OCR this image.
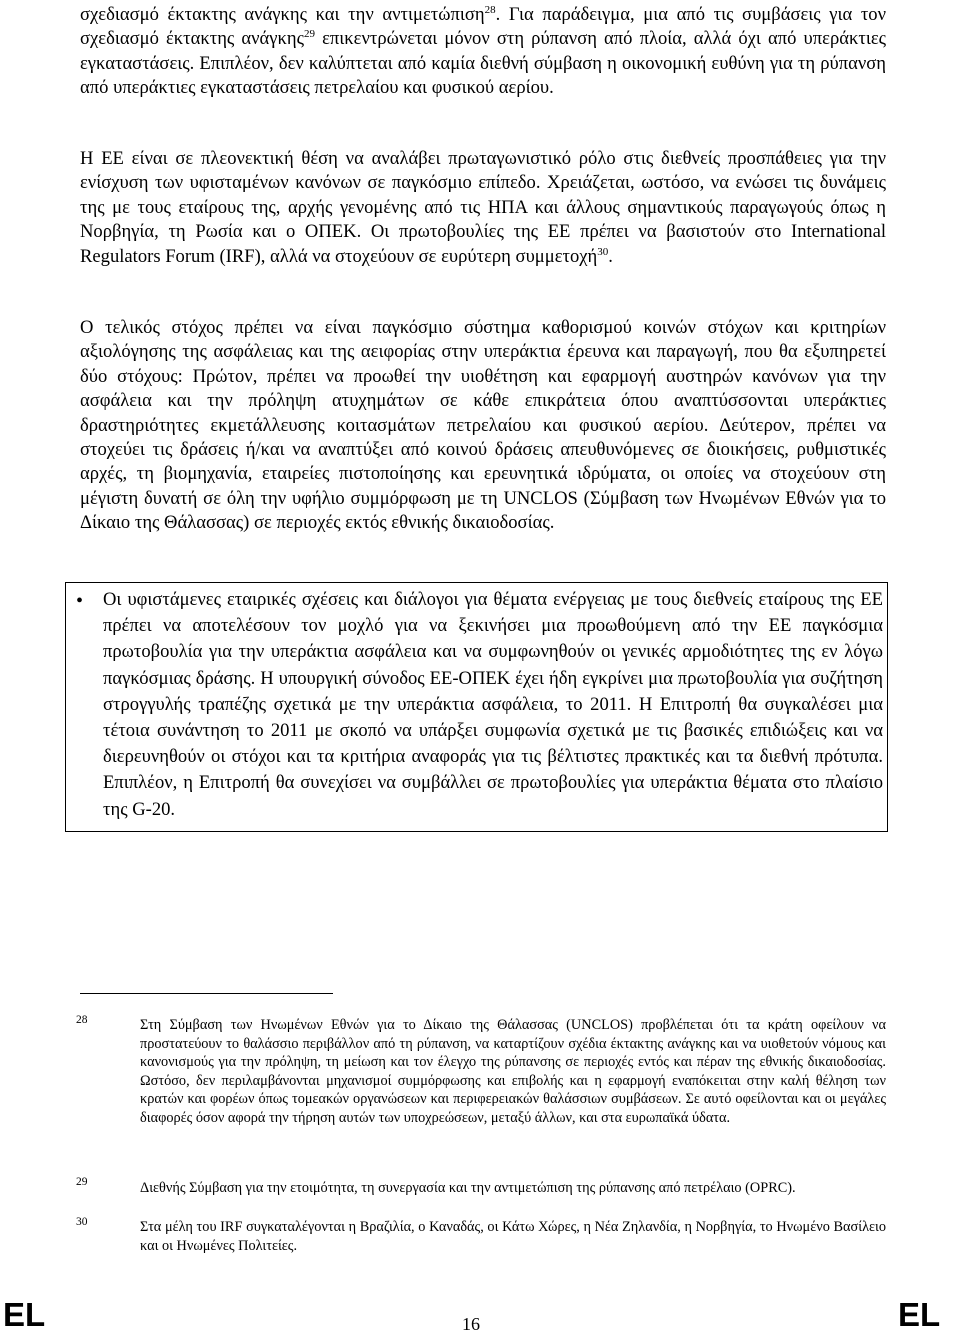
σχεδιασμό έκτακτης ανάγκης και την αντιμετώπιση$^{28}$. Για παράδειγμα, μια από τις συμβάσεις για τον σχεδιασμό έκτακτης ανάγκης$^{29}$ επικεντρώνεται μόνον στη ρύπανση από πλοία, αλλά όχι από υπεράκτιες εγκαταστάσεις. Επιπλέον, δεν καλύπτεται από καμία διεθνή σύμβαση η οικονομική ευθύνη για τη ρύπανση από υπεράκτιες εγκαταστάσεις πετρελαίου και φυσικού αερίου.

Η ΕΕ είναι σε πλεονεκτική θέση να αναλάβει πρωταγωνιστικό ρόλο στις διεθνείς προσπάθειες για την ενίσχυση των υφισταμένων κανόνων σε παγκόσμιο επίπεδο. Χρειάζεται, ωστόσο, να ενώσει τις δυνάμεις της με τους εταίρους της, αρχής γενομένης από τις ΗΠΑ και άλλους σημαντικούς παραγωγούς όπως η Νορβηγία, τη Ρωσία και ο ΟΠΕΚ. Οι πρωτοβουλίες της ΕΕ πρέπει να βασιστούν στο International Regulators Forum (IRF), αλλά να στοχεύουν σε ευρύτερη συμμετοχή$^{30}$.

Ο τελικός στόχος πρέπει να είναι παγκόσμιο σύστημα καθορισμού κοινών στόχων και κριτηρίων αξιολόγησης της ασφάλειας και της αειφορίας στην υπεράκτια έρευνα και παραγωγή, που θα εξυπηρετεί δύο στόχους: Πρώτον, πρέπει να προωθεί την υιοθέτηση και εφαρμογή αυστηρών κανόνων για την ασφάλεια και την πρόληψη ατυχημάτων σε κάθε επικράτεια όπου αναπτύσσονται υπεράκτιες δραστηριότητες εκμετάλλευσης κοιτασμάτων πετρελαίου και φυσικού αερίου. Δεύτερον, πρέπει να στοχεύει τις δράσεις ή/και να αναπτύξει από κοινού δράσεις απευθυνόμενες σε διοικήσεις, ρυθμιστικές αρχές, τη βιομηχανία, εταιρείες πιστοποίησης και ερευνητικά ιδρύματα, οι οποίες να στοχεύουν στη μέγιστη δυνατή σε όλη την υφήλιο συμμόρφωση με τη UNCLOS (Σύμβαση των Ηνωμένων Εθνών για το Δίκαιο της Θάλασσας) σε περιοχές εκτός εθνικής δικαιοδοσίας.

• Οι υφιστάμενες εταιρικές σχέσεις και διάλογοι για θέματα ενέργειας με τους διεθνείς εταίρους της ΕΕ πρέπει να αποτελέσουν τον μοχλό για να ξεκινήσει μια προωθούμενη από την ΕΕ παγκόσμια πρωτοβουλία για την υπεράκτια ασφάλεια και να συμφωνηθούν οι γενικές αρμοδιότητες της εν λόγω παγκόσμιας δράσης. Η υπουργική σύνοδος ΕΕ-ΟΠΕΚ έχει ήδη εγκρίνει μια πρωτοβουλία για συζήτηση στρογγυλής τραπέζης σχετικά με την υπεράκτια ασφάλεια, το 2011. Η Επιτροπή θα συγκαλέσει μια τέτοια συνάντηση το 2011 με σκοπό να υπάρξει συμφωνία σχετικά με τις βασικές επιδιώξεις και να διερευνηθούν οι στόχοι και τα κριτήρια αναφοράς για τις βέλτιστες πρακτικές και τα διεθνή πρότυπα. Επιπλέον, η Επιτροπή θα συνεχίσει να συμβάλλει σε πρωτοβουλίες για υπεράκτια θέματα στο πλαίσιο της G-20.

28	Στη Σύμβαση των Ηνωμένων Εθνών για το Δίκαιο της Θάλασσας (UNCLOS) προβλέπεται ότι τα κράτη οφείλουν να προστατεύουν το θαλάσσιο περιβάλλον από τη ρύπανση, να καταρτίζουν σχέδια έκτακτης ανάγκης και να υιοθετούν νόμους και κανονισμούς για την πρόληψη, τη μείωση και τον έλεγχο της ρύπανσης σε περιοχές εντός και πέραν της εθνικής δικαιοδοσίας. Ωστόσο, δεν περιλαμβάνονται μηχανισμοί συμμόρφωσης και επιβολής και η εφαρμογή εναπόκειται στην καλή θέληση των κρατών και φορέων όπως τομεακών οργανώσεων και περιφερειακών θαλάσσιων συμβάσεων. Σε αυτό οφείλονται και οι μεγάλες διαφορές όσον αφορά την τήρηση αυτών των υποχρεώσεων, μεταξύ άλλων, και στα ευρωπαϊκά ύδατα.

29	Διεθνής Σύμβαση για την ετοιμότητα, τη συνεργασία και την αντιμετώπιση της ρύπανσης από πετρέλαιο (OPRC).

30	Στα μέλη του IRF συγκαταλέγονται η Βραζιλία, ο Καναδάς, οι Κάτω Χώρες, η Νέα Ζηλανδία, η Νορβηγία, το Ηνωμένο Βασίλειο και οι Ηνωμένες Πολιτείες.

EL	16	EL
